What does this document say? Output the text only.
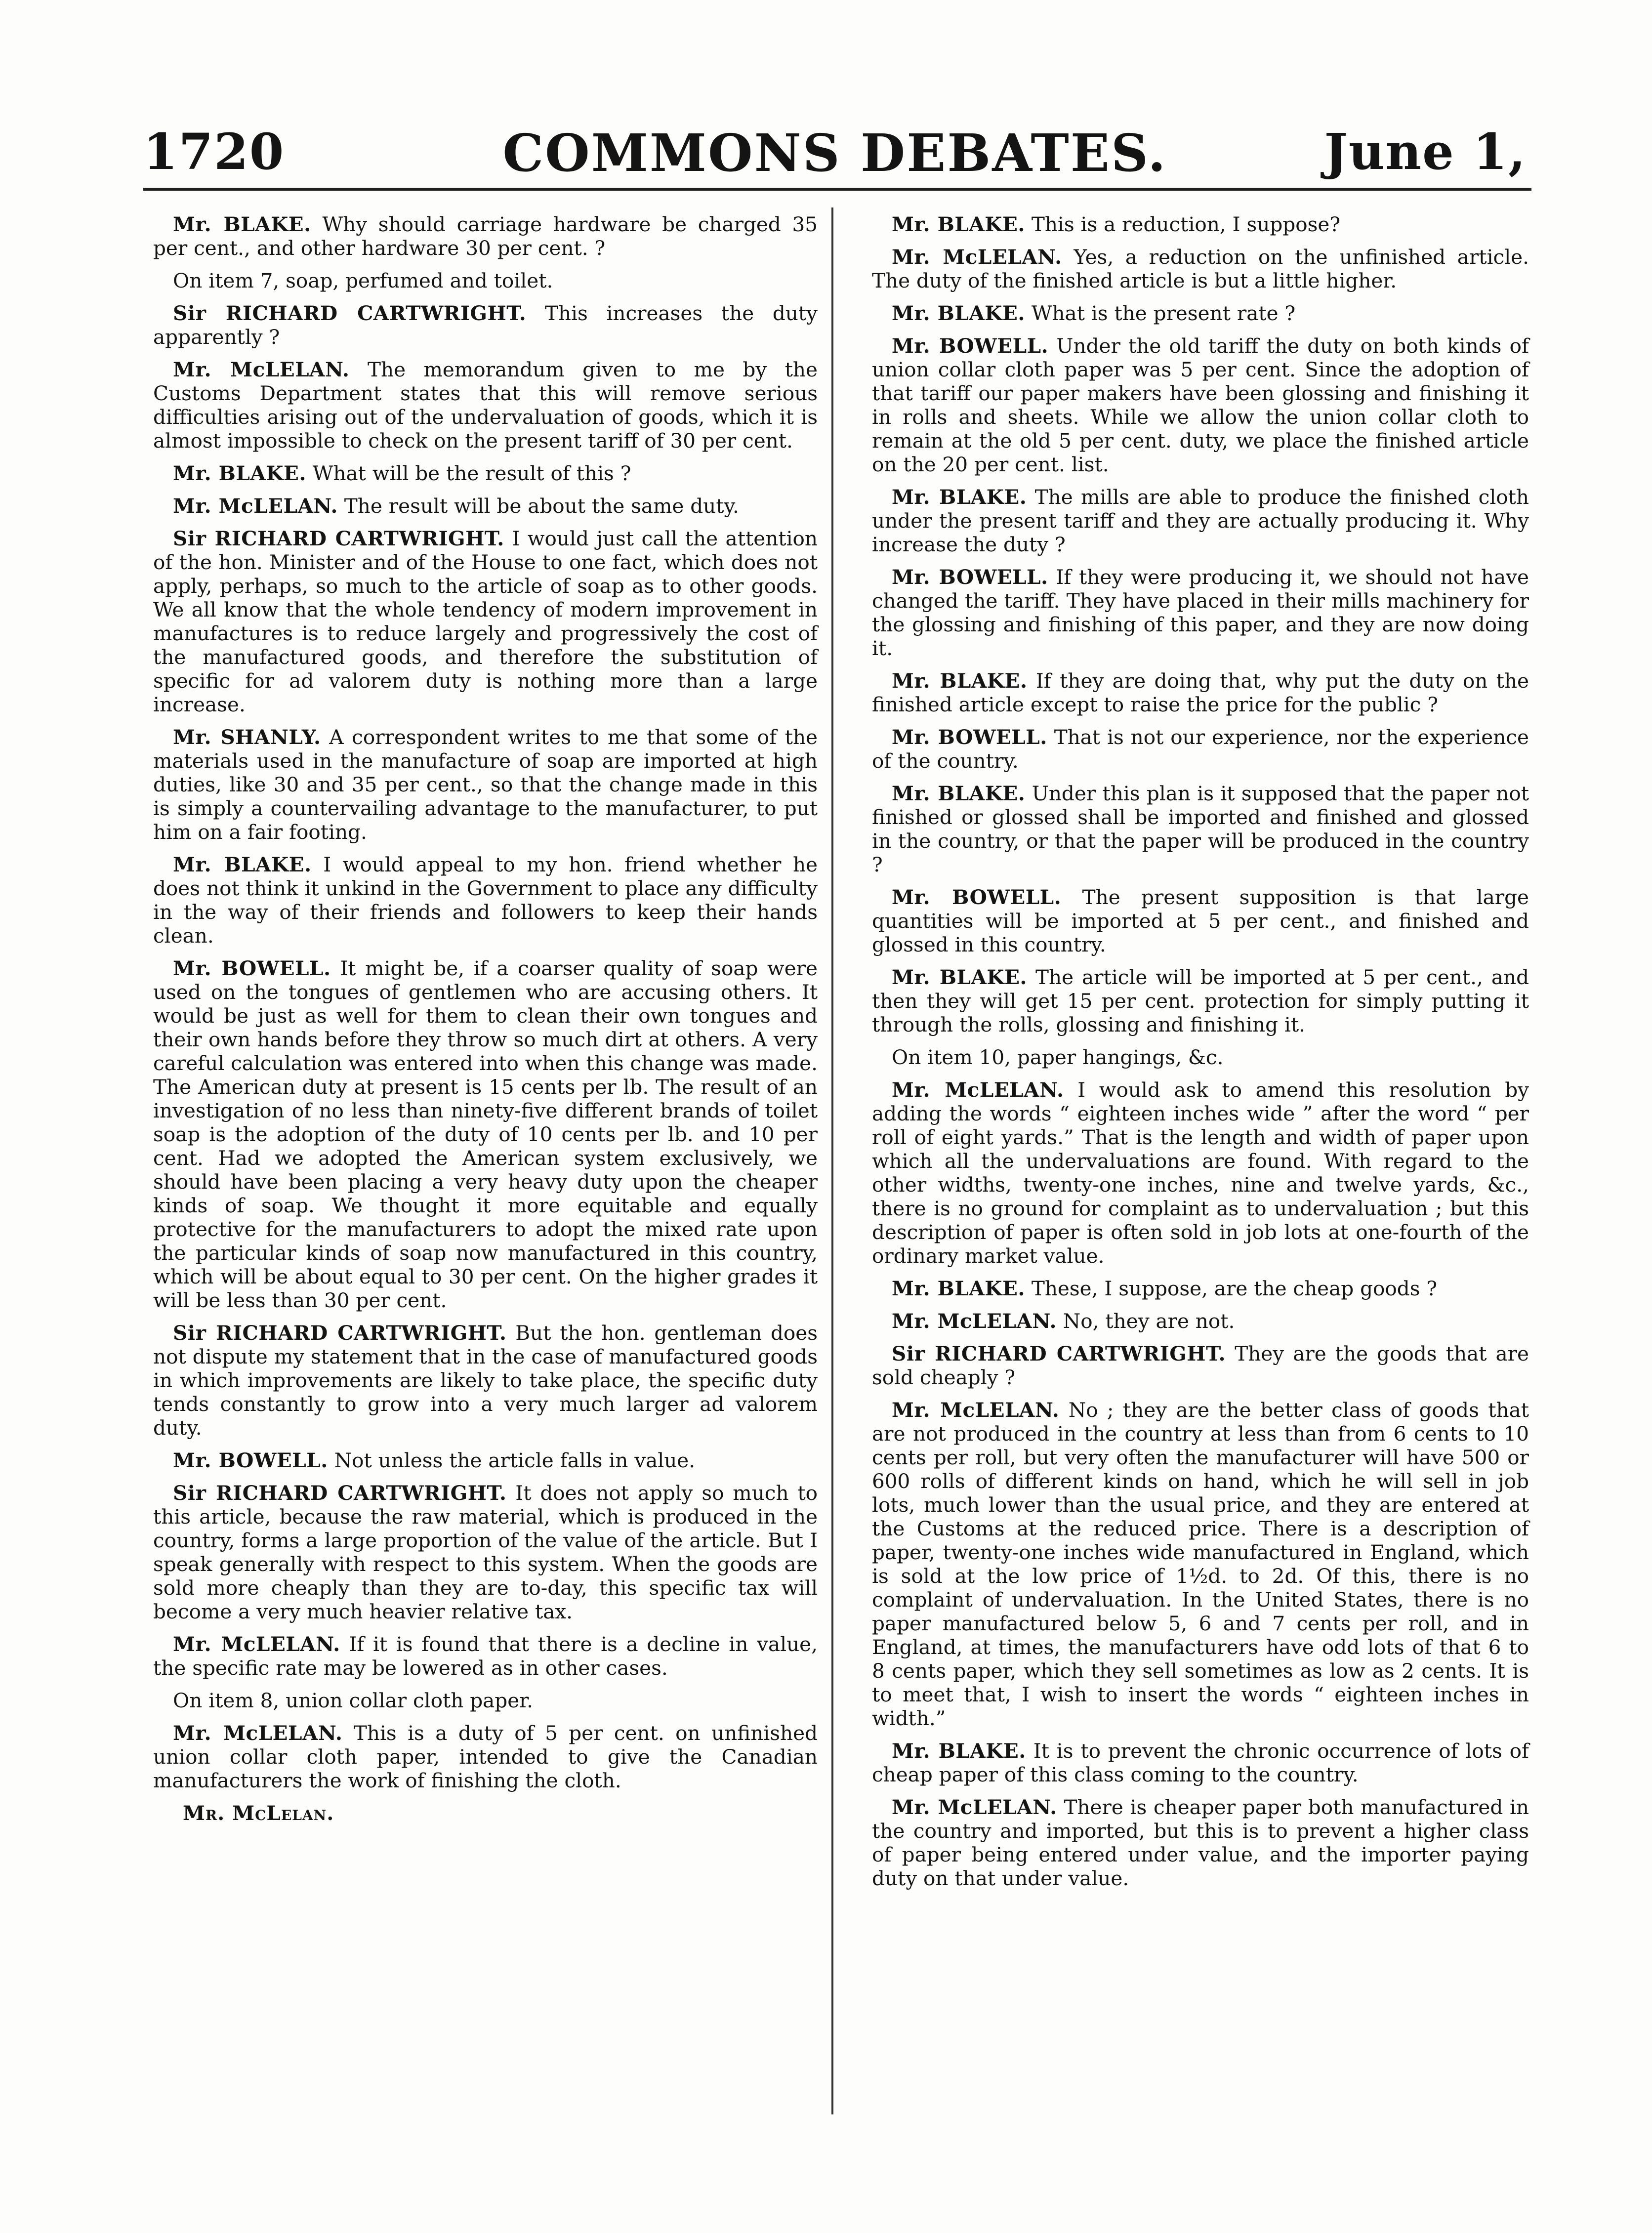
1720	COMMONS DEBATES.	June 1,

Mr. BLAKE. Why should carriage hardware be charged 35 per cent., and other hardware 30 per cent. ?

On item 7, soap, perfumed and toilet.

Sir RICHARD CARTWRIGHT. This increases the duty apparently ?

Mr. McLELAN. The memorandum given to me by the Customs Department states that this will remove serious difficulties arising out of the undervaluation of goods, which it is almost impossible to check on the present tariff of 30 per cent.

Mr. BLAKE. What will be the result of this ?

Mr. McLELAN. The result will be about the same duty.

Sir RICHARD CARTWRIGHT. I would just call the attention of the hon. Minister and of the House to one fact, which does not apply, perhaps, so much to the article of soap as to other goods. We all know that the whole tendency of modern improvement in manufactures is to reduce largely and progressively the cost of the manufactured goods, and therefore the substitution of specific for ad valorem duty is nothing more than a large increase.

Mr. SHANLY. A correspondent writes to me that some of the materials used in the manufacture of soap are imported at high duties, like 30 and 35 per cent., so that the change made in this is simply a countervailing advantage to the manufacturer, to put him on a fair footing.

Mr. BLAKE. I would appeal to my hon. friend whether he does not think it unkind in the Government to place any difficulty in the way of their friends and followers to keep their hands clean.

Mr. BOWELL. It might be, if a coarser quality of soap were used on the tongues of gentlemen who are accusing others. It would be just as well for them to clean their own tongues and their own hands before they throw so much dirt at others. A very careful calculation was entered into when this change was made. The American duty at present is 15 cents per lb. The result of an investigation of no less than ninety-five different brands of toilet soap is the adoption of the duty of 10 cents per lb. and 10 per cent. Had we adopted the American system exclusively, we should have been placing a very heavy duty upon the cheaper kinds of soap. We thought it more equitable and equally protective for the manufacturers to adopt the mixed rate upon the particular kinds of soap now manufactured in this country, which will be about equal to 30 per cent. On the higher grades it will be less than 30 per cent.

Sir RICHARD CARTWRIGHT. But the hon. gentleman does not dispute my statement that in the case of manufactured goods in which improvements are likely to take place, the specific duty tends constantly to grow into a very much larger ad valorem duty.

Mr. BOWELL. Not unless the article falls in value.

Sir RICHARD CARTWRIGHT. It does not apply so much to this article, because the raw material, which is produced in the country, forms a large proportion of the value of the article. But I speak generally with respect to this system. When the goods are sold more cheaply than they are to-day, this specific tax will become a very much heavier relative tax.

Mr. McLELAN. If it is found that there is a decline in value, the specific rate may be lowered as in other cases.

On item 8, union collar cloth paper.

Mr. McLELAN. This is a duty of 5 per cent. on unfinished union collar cloth paper, intended to give the Canadian manufacturers the work of finishing the cloth.

Mr. McLelan.

Mr. BLAKE. This is a reduction, I suppose?

Mr. McLELAN. Yes, a reduction on the unfinished article. The duty of the finished article is but a little higher.

Mr. BLAKE. What is the present rate ?

Mr. BOWELL. Under the old tariff the duty on both kinds of union collar cloth paper was 5 per cent. Since the adoption of that tariff our paper makers have been glossing and finishing it in rolls and sheets. While we allow the union collar cloth to remain at the old 5 per cent. duty, we place the finished article on the 20 per cent. list.

Mr. BLAKE. The mills are able to produce the finished cloth under the present tariff and they are actually producing it. Why increase the duty ?

Mr. BOWELL. If they were producing it, we should not have changed the tariff. They have placed in their mills machinery for the glossing and finishing of this paper, and they are now doing it.

Mr. BLAKE. If they are doing that, why put the duty on the finished article except to raise the price for the public ?

Mr. BOWELL. That is not our experience, nor the experience of the country.

Mr. BLAKE. Under this plan is it supposed that the paper not finished or glossed shall be imported and finished and glossed in the country, or that the paper will be produced in the country ?

Mr. BOWELL. The present supposition is that large quantities will be imported at 5 per cent., and finished and glossed in this country.

Mr. BLAKE. The article will be imported at 5 per cent., and then they will get 15 per cent. protection for simply putting it through the rolls, glossing and finishing it.

On item 10, paper hangings, &c.

Mr. McLELAN. I would ask to amend this resolution by adding the words “ eighteen inches wide ” after the word “ per roll of eight yards.” That is the length and width of paper upon which all the undervaluations are found. With regard to the other widths, twenty-one inches, nine and twelve yards, &c., there is no ground for complaint as to undervaluation ; but this description of paper is often sold in job lots at one-fourth of the ordinary market value.

Mr. BLAKE. These, I suppose, are the cheap goods ?

Mr. McLELAN. No, they are not.

Sir RICHARD CARTWRIGHT. They are the goods that are sold cheaply ?

Mr. McLELAN. No ; they are the better class of goods that are not produced in the country at less than from 6 cents to 10 cents per roll, but very often the manufacturer will have 500 or 600 rolls of different kinds on hand, which he will sell in job lots, much lower than the usual price, and they are entered at the Customs at the reduced price. There is a description of paper, twenty-one inches wide manufactured in England, which is sold at the low price of 1½d. to 2d. Of this, there is no complaint of undervaluation. In the United States, there is no paper manufactured below 5, 6 and 7 cents per roll, and in England, at times, the manufacturers have odd lots of that 6 to 8 cents paper, which they sell sometimes as low as 2 cents. It is to meet that, I wish to insert the words “ eighteen inches in width.”

Mr. BLAKE. It is to prevent the chronic occurrence of lots of cheap paper of this class coming to the country.

Mr. McLELAN. There is cheaper paper both manufactured in the country and imported, but this is to prevent a higher class of paper being entered under value, and the importer paying duty on that under value.
